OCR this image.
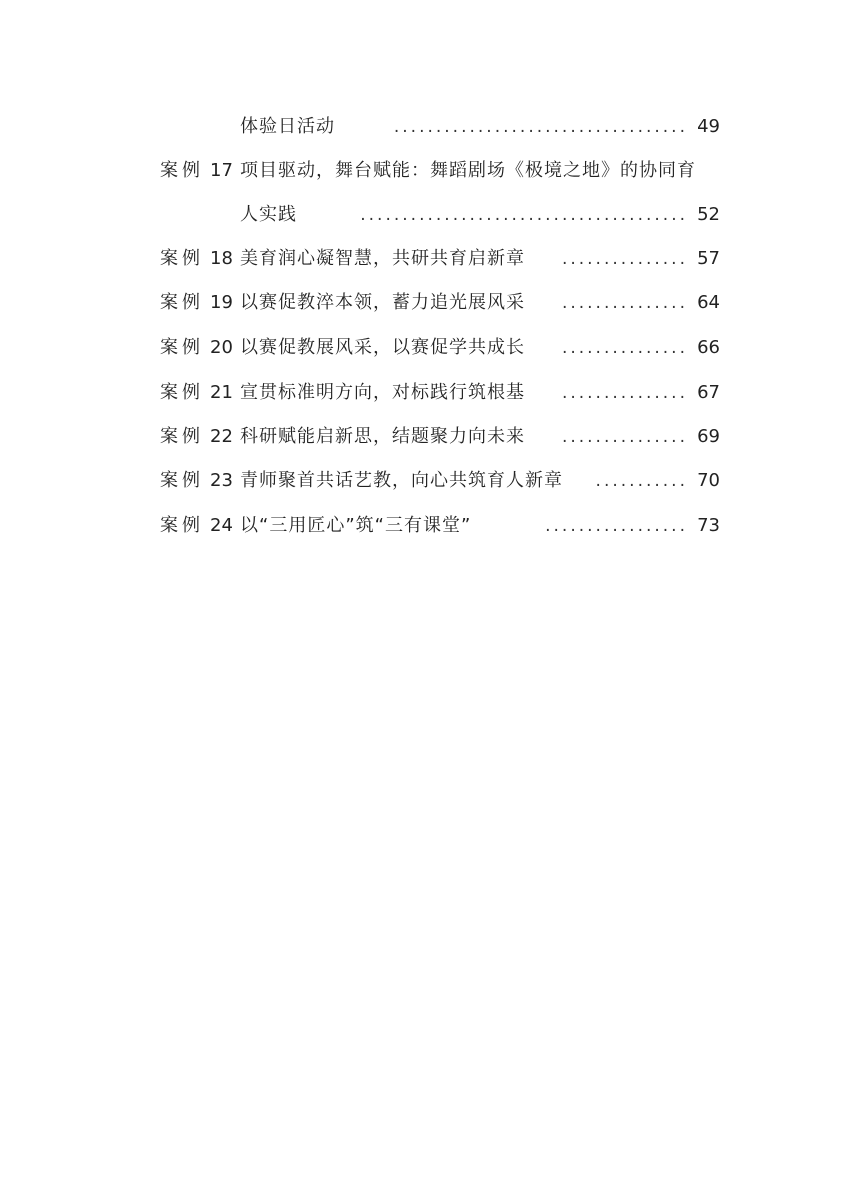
体验日活动	................................... 49
案例 17 项目驱动，舞台赋能：舞蹈剧场《极境之地》的协同育
人实践	....................................... 52
案例 18 美育润心凝智慧，共研共育启新章	............... 57
案例 19 以赛促教淬本领，蓄力追光展风采	............... 64
案例 20 以赛促教展风采，以赛促学共成长	............... 66
案例 21 宣贯标准明方向，对标践行筑根基	............... 67
案例 22 科研赋能启新思，结题聚力向未来	............... 69
案例 23 青师聚首共话艺教，向心共筑育人新章	........... 70
案例 24 以“三用匠心”筑“三有课堂”	................. 73
